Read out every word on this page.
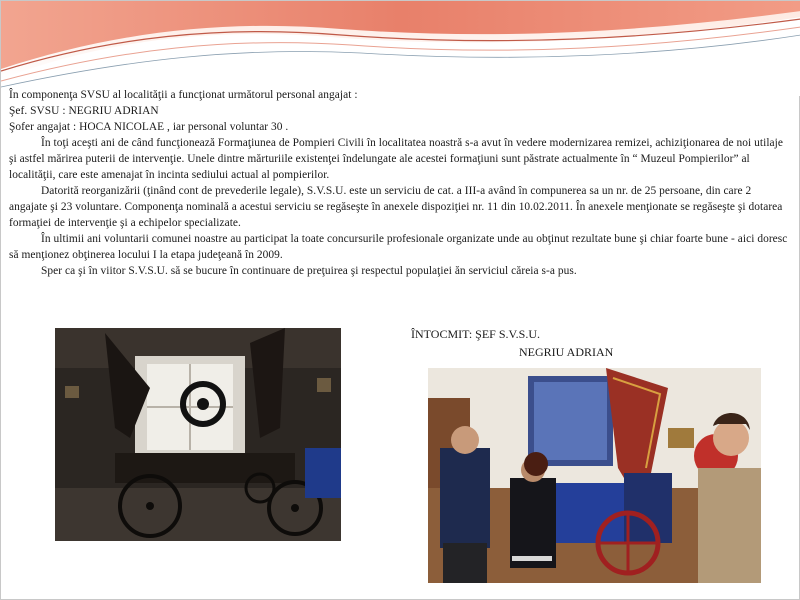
În componenţa SVSU al localităţii a funcţionat următorul personal angajat :

Şef. SVSU : NEGRIU ADRIAN

Şofer angajat : HOCA NICOLAE , iar personal voluntar 30 .

În toţi aceşti ani de când funcţionează Formaţiunea de Pompieri Civili în localitatea noastră s-a avut în vedere modernizarea remizei, achiziţionarea de noi utilaje şi astfel mărirea puterii de intervenţie. Unele dintre mărturiile existenţei îndelungate ale acestei formaţiuni sunt păstrate actualmente în “ Muzeul Pompierilor” al localităţii, care este amenajat în incinta sediului actual al pompierilor.

Datorită reorganizării (ţinând cont de prevederile legale), S.V.S.U. este un serviciu de cat. a III-a având în compunerea sa un nr. de 25 persoane, din care 2 angajate şi 23 voluntare. Componenţa nominală a acestui serviciu se regăseşte în anexele dispoziţiei nr. 11 din 10.02.2011. În anexele menţionate se regăseşte şi dotarea formaţiei de intervenţie şi a echipelor specializate.

În ultimii ani voluntarii comunei noastre au participat la toate concursurile profesionale organizate unde au obţinut rezultate bune şi chiar foarte bune - aici doresc să menţionez obţinerea locului I la etapa judeţeană în 2009.

Sper ca şi în viitor S.V.S.U. să se bucure în continuare de preţuirea şi respectul populaţiei ăn serviciul căreia s-a pus.

ÎNTOCMIT: ŞEF S.V.S.U.
NEGRIU ADRIAN
